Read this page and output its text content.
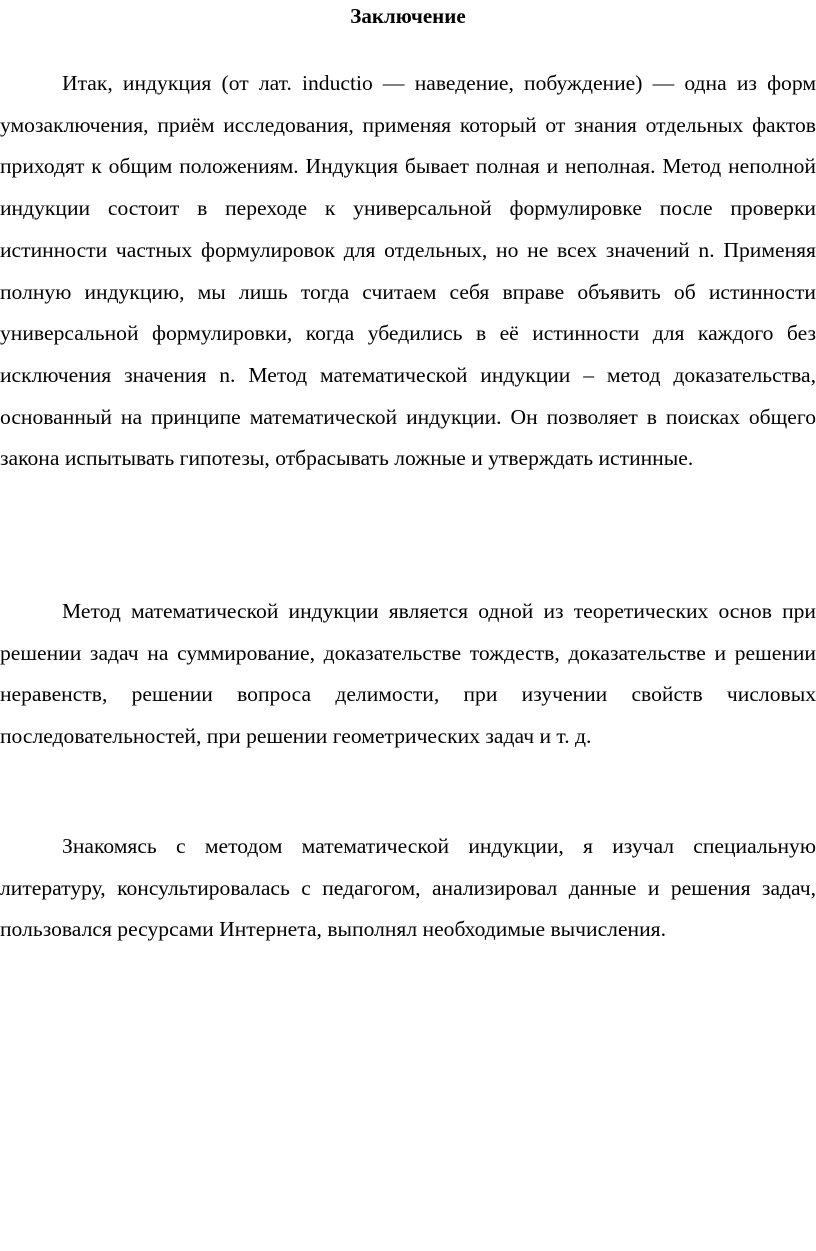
Заключение

Итак, индукция (от лат. inductio — наведение, побуждение) — одна из форм умозаключения, приём исследования, применяя который от знания отдельных фактов приходят к общим положениям. Индукция бывает полная и неполная. Метод неполной индукции состоит в переходе к универсальной формулировке после проверки истинности частных формулировок для отдельных, но не всех значений n. Применяя полную индукцию, мы лишь тогда считаем себя вправе объявить об истинности универсальной формулировки, когда убедились в её истинности для каждого без исключения значения n. Метод математической индукции – метод доказательства, основанный на принципе математической индукции. Он позволяет в поисках общего закона испытывать гипотезы, отбрасывать ложные и утверждать истинные.

Метод математической индукции является одной из теоретических основ при решении задач на суммирование, доказательстве тождеств, доказательстве и решении неравенств, решении вопроса делимости, при изучении свойств числовых последовательностей, при решении геометрических задач и т. д.

Знакомясь с методом математической индукции, я изучал специальную литературу, консультировалась с педагогом, анализировал данные и решения задач, пользовался ресурсами Интернета, выполнял необходимые вычисления.
